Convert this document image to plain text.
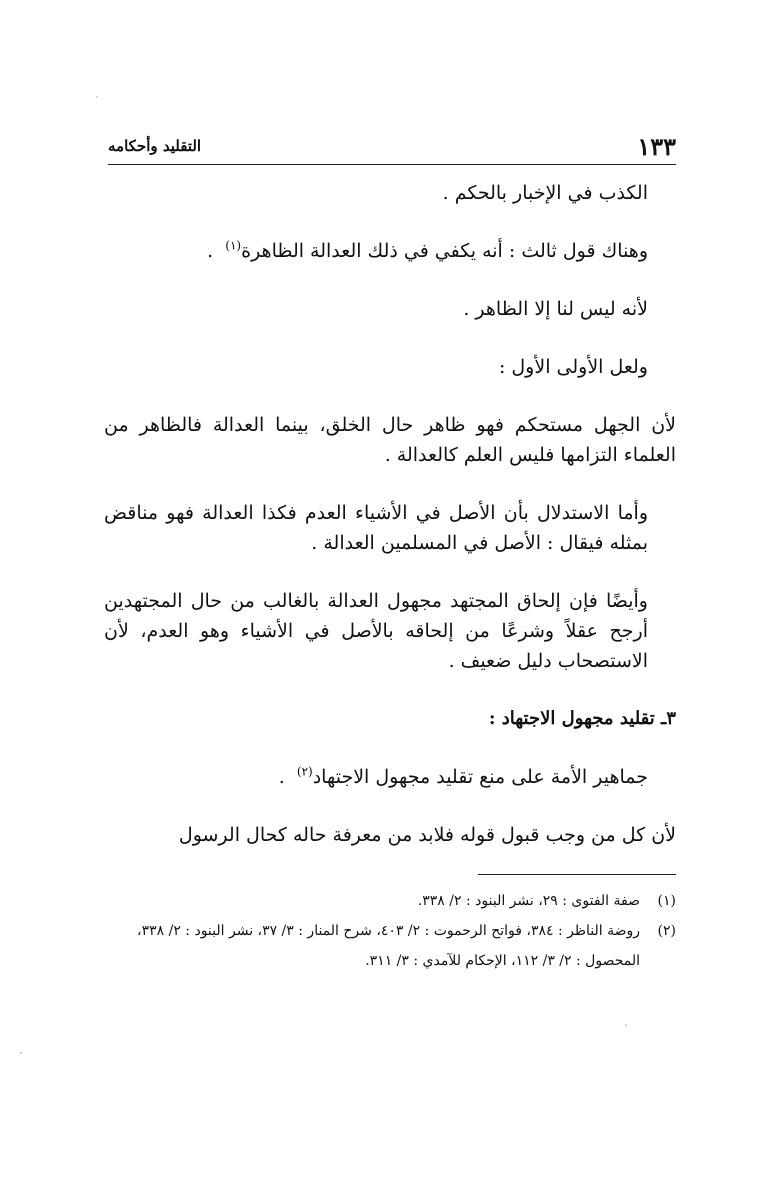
١٣٣
التقليد وأحكامه

الكذب في الإخبار بالحكم .

وهناك قول ثالث : أنه يكفي في ذلك العدالة الظاهرة$^{(١)}$  .

لأنه ليس لنا إلا الظاهر .

ولعل الأولى الأول :

لأن الجهل مستحكم فهو ظاهر حال الخلق، بينما العدالة فالظاهر من العلماء التزامها فليس العلم كالعدالة .

وأما الاستدلال بأن الأصل في الأشياء العدم فكذا العدالة فهو مناقض بمثله فيقال : الأصل في المسلمين العدالة .

وأيضًا فإن إلحاق المجتهد مجهول العدالة بالغالب من حال المجتهدين أرجح عقلاً وشرعًا من إلحاقه بالأصل في الأشياء وهو العدم، لأن الاستصحاب دليل ضعيف .

٣ـ تقليد مجهول الاجتهاد :

جماهير الأمة على منع تقليد مجهول الاجتهاد$^{(٢)}$  .

لأن كل من وجب قبول قوله فلابد من معرفة حاله كحال الرسول

(١)
صفة الفتوى : ٢٩، نشر البنود : ٢/ ٣٣٨.

(٢)
روضة الناظر : ٣٨٤، فواتح الرحموت : ٢/ ٤٠٣، شرح المنار : ٣/ ٣٧، نشر البنود : ٢/ ٣٣٨، المحصول : ٢/ ٣/ ١١٢، الإحكام للآمدي : ٣/ ٣١١.
